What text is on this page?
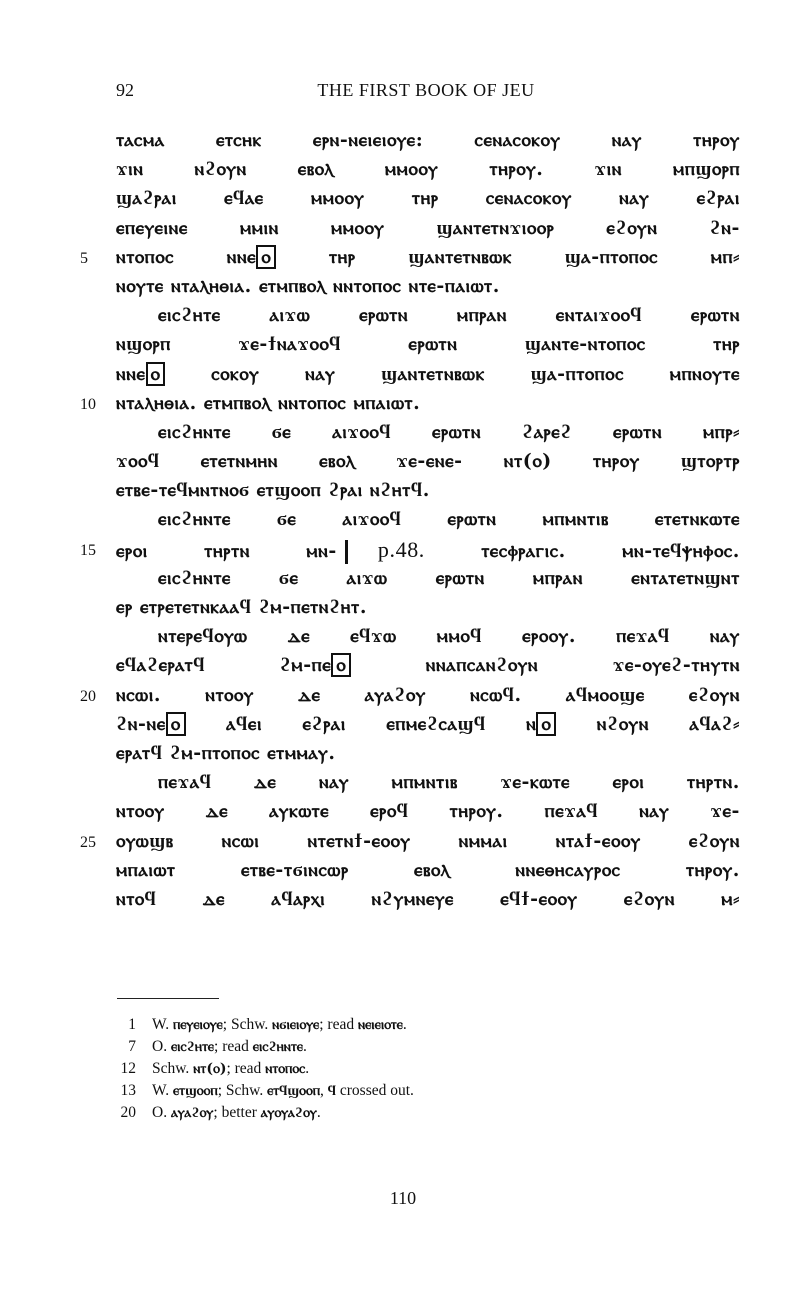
92	THE FIRST BOOK OF JEU
ⲧⲁⲥⲙⲁ ⲉⲧⲥⲏⲕ ⲉⲣⲛ-ⲛⲉⲓⲉⲓⲟⲩⲉ: ⲥⲉⲛⲁⲥⲟⲕⲟⲩ ⲛⲁⲩ ⲧⲏⲣⲟⲩ
ϫⲓⲛ ⲛϩⲟⲩⲛ ⲉⲃⲟⲗ ⲙⲙⲟⲟⲩ ⲧⲏⲣⲟⲩ. ϫⲓⲛ ⲙⲡϣⲟⲣⲡ
ϣⲁϩⲣⲁⲓ ⲉϥⲁⲉ ⲙⲙⲟⲟⲩ ⲧⲏⲣ ⲥⲉⲛⲁⲥⲟⲕⲟⲩ ⲛⲁⲩ ⲉϩⲣⲁⲓ
ⲉⲡⲉⲩⲉⲓⲛⲉ ⲙⲙⲓⲛ ⲙⲙⲟⲟⲩ ϣⲁⲛⲧⲉⲧⲛϫⲓⲟⲟⲣ ⲉϩⲟⲩⲛ ϩⲛ-
5 ⲛⲧⲟⲡⲟⲥ ⲛⲛⲉ ⲟ ⲧⲏⲣ ϣⲁⲛⲧⲉⲧⲛⲃⲱⲕ ϣⲁ-ⲡⲧⲟⲡⲟⲥ ⲙⲡ⸗
ⲛⲟⲩⲧⲉ ⲛⲧⲁⲗⲏⲑⲓⲁ. ⲉⲧⲙⲡⲃⲟⲗ ⲛⲛⲧⲟⲡⲟⲥ ⲛⲧⲉ-ⲡⲁⲓⲱⲧ.
ⲉⲓⲥϩⲏⲧⲉ ⲁⲓϫⲱ ⲉⲣⲱⲧⲛ ⲙⲡⲣⲁⲛ ⲉⲛⲧⲁⲓϫⲟⲟϥ ⲉⲣⲱⲧⲛ
ⲛϣⲟⲣⲡ ϫⲉ-ϯⲛⲁϫⲟⲟϥ ⲉⲣⲱⲧⲛ ϣⲁⲛⲧⲉ-ⲛⲧⲟⲡⲟⲥ ⲧⲏⲣ
ⲛⲛⲉ ⲟ ⲥⲟⲕⲟⲩ ⲛⲁⲩ ϣⲁⲛⲧⲉⲧⲛⲃⲱⲕ ϣⲁ-ⲡⲧⲟⲡⲟⲥ ⲙⲡⲛⲟⲩⲧⲉ
10 ⲛⲧⲁⲗⲏⲑⲓⲁ. ⲉⲧⲙⲡⲃⲟⲗ ⲛⲛⲧⲟⲡⲟⲥ ⲙⲡⲁⲓⲱⲧ.
ⲉⲓⲥϩⲏⲛⲧⲉ ϭⲉ ⲁⲓϫⲟⲟϥ ⲉⲣⲱⲧⲛ ϩⲁⲣⲉϩ ⲉⲣⲱⲧⲛ ⲙⲡⲣ⸗
ϫⲟⲟϥ ⲉⲧⲉⲧⲛⲙⲏⲛ ⲉⲃⲟⲗ ϫⲉ-ⲉⲛⲉ- ⲛⲧ(ⲟ) ⲧⲏⲣⲟⲩ ϣⲧⲟⲣⲧⲣ
ⲉⲧⲃⲉ-ⲧⲉϥⲙⲛⲧⲛⲟϭ ⲉⲧϣⲟⲟⲡ ϩⲣⲁⲓ ⲛϩⲏⲧϥ.
ⲉⲓⲥϩⲏⲛⲧⲉ ϭⲉ ⲁⲓϫⲟⲟϥ ⲉⲣⲱⲧⲛ ⲙⲡⲙⲛⲧⲓⲃ ⲉⲧⲉⲧⲛⲕⲱⲧⲉ
15 ⲉⲣⲟⲓ ⲧⲏⲣⲧⲛ ⲙⲛ- p.48. ⲧⲉⲥⲫⲣⲁⲅⲓⲥ. ⲙⲛ-ⲧⲉϥⲯⲏⲫⲟⲥ.
ⲉⲓⲥϩⲏⲛⲧⲉ ϭⲉ ⲁⲓϫⲱ ⲉⲣⲱⲧⲛ ⲙⲡⲣⲁⲛ ⲉⲛⲧⲁⲧⲉⲧⲛϣⲛⲧ
ⲉⲣ ⲉⲧⲣⲉⲧⲉⲧⲛⲕⲁⲁϥ ϩⲙ-ⲡⲉⲧⲛϩⲏⲧ.
ⲛⲧⲉⲣⲉϥⲟⲩⲱ ⲇⲉ ⲉϥϫⲱ ⲙⲙⲟϥ ⲉⲣⲟⲟⲩ. ⲡⲉϫⲁϥ ⲛⲁⲩ
ⲉϥⲁϩⲉⲣⲁⲧϥ ϩⲙ-ⲡⲉ ⲟ ⲛⲛⲁⲡⲥⲁⲛϩⲟⲩⲛ ϫⲉ-ⲟⲩⲉϩ-ⲧⲏⲩⲧⲛ
20 ⲛⲥⲱⲓ. ⲛⲧⲟⲟⲩ ⲇⲉ ⲁⲩⲁϩⲟⲩ ⲛⲥⲱϥ. ⲁϥⲙⲟⲟϣⲉ ⲉϩⲟⲩⲛ
ϩⲛ-ⲛⲉ ⲟ ⲁϥⲉⲓ ⲉϩⲣⲁⲓ ⲉⲡⲙⲉϩⲥⲁϣϥ ⲛ ⲟ ⲛϩⲟⲩⲛ ⲁϥⲁϩ⸗
ⲉⲣⲁⲧϥ ϩⲙ-ⲡⲧⲟⲡⲟⲥ ⲉⲧⲙⲙⲁⲩ.
ⲡⲉϫⲁϥ ⲇⲉ ⲛⲁⲩ ⲙⲡⲙⲛⲧⲓⲃ ϫⲉ-ⲕⲱⲧⲉ ⲉⲣⲟⲓ ⲧⲏⲣⲧⲛ.
ⲛⲧⲟⲟⲩ ⲇⲉ ⲁⲩⲕⲱⲧⲉ ⲉⲣⲟϥ ⲧⲏⲣⲟⲩ. ⲡⲉϫⲁϥ ⲛⲁⲩ ϫⲉ-
25 ⲟⲩⲱϣⲃ ⲛⲥⲱⲓ ⲛⲧⲉⲧⲛϯ-ⲉⲟⲟⲩ ⲛⲙⲙⲁⲓ ⲛⲧⲁϯ-ⲉⲟⲟⲩ ⲉϩⲟⲩⲛ
ⲙⲡⲁⲓⲱⲧ ⲉⲧⲃⲉ-ⲧϭⲓⲛⲥⲱⲣ ⲉⲃⲟⲗ ⲛⲛⲉⲑⲏⲥⲁⲩⲣⲟⲥ ⲧⲏⲣⲟⲩ.
ⲛⲧⲟϥ ⲇⲉ ⲁϥⲁⲣⲭⲓ ⲛϩⲩⲙⲛⲉⲩⲉ ⲉϥϯ-ⲉⲟⲟⲩ ⲉϩⲟⲩⲛ ⲙ⸗
1 W. ⲡⲉⲩⲉⲓⲟⲩⲉ; Schw. ⲛϭⲓⲉⲓⲟⲩⲉ; read ⲛⲉⲓⲉⲓⲟⲧⲉ.
7 O. ⲉⲓⲥϩⲏⲧⲉ; read ⲉⲓⲥϩⲏⲛⲧⲉ.
12 Schw. ⲛⲧ(ⲟ); read ⲛⲧⲟⲡⲟⲥ.
13 W. ⲉⲧϣⲟⲟⲡ; Schw. ⲉⲧϥϣⲟⲟⲡ, ϥ crossed out.
20 O. ⲁⲩⲁϩⲟⲩ; better ⲁⲩⲟⲩⲁϩⲟⲩ.
110
